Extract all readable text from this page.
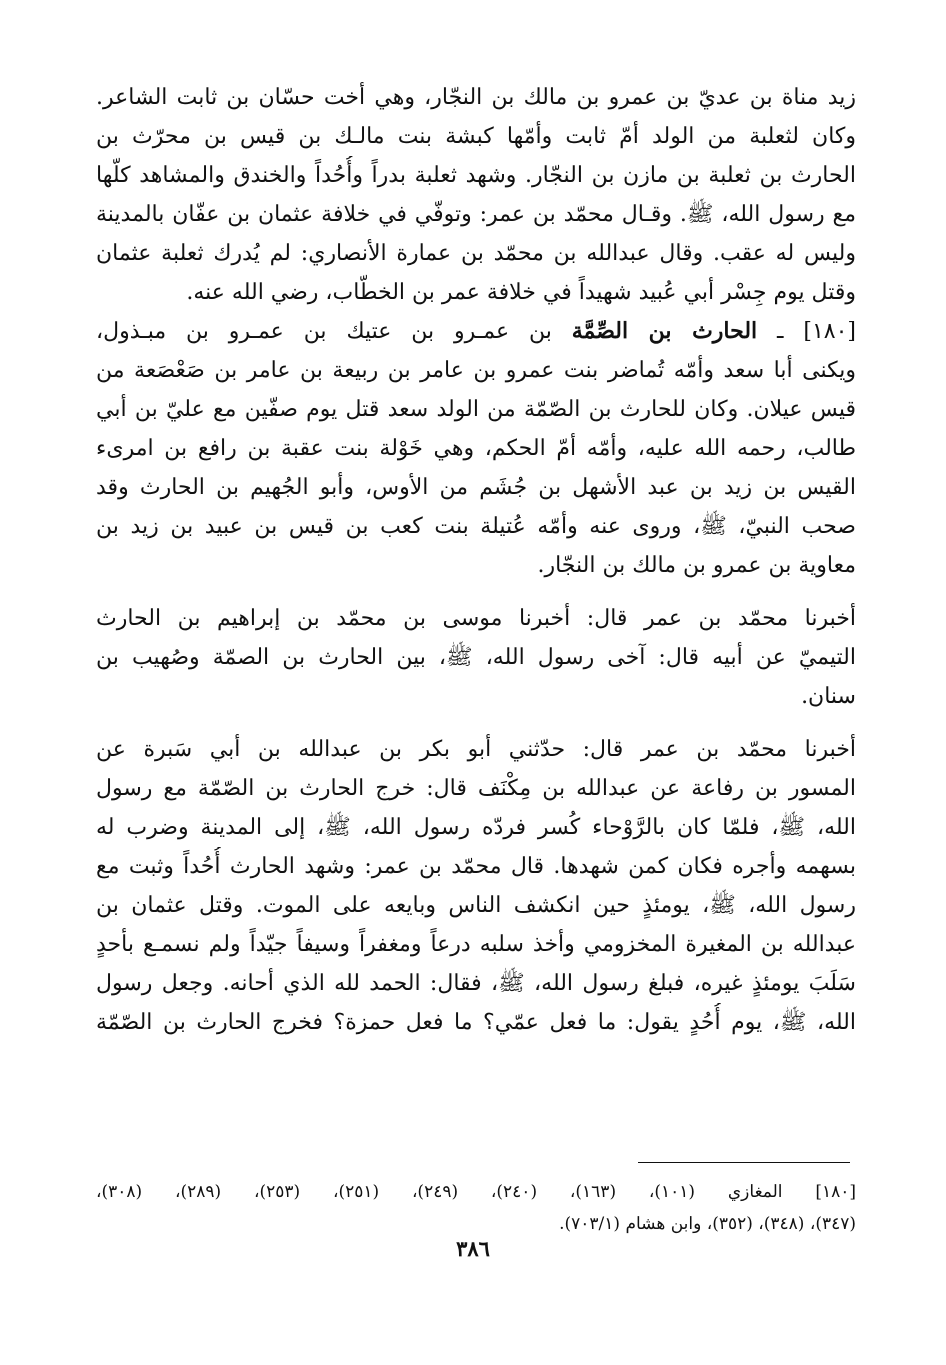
زيد مناة بن عديّ بن عمرو بن مالك بن النجّار، وهي أخت حسّان بن ثابت الشاعر.
وكان لثعلبة من الولد أمّ ثابت وأمّها كبشة بنت مالـك بن قيس بن محرّث بن
الحارث بن ثعلبة بن مازن بن النجّار. وشهد ثعلبة بدراً وأُحُداً والخندق والمشاهد كلّها
مع رسول الله، ﷺ. وقـال محمّد بن عمر: وتوفّي في خلافة عثمان بن عفّان بالمدينة
وليس له عقب. وقال عبدالله بن محمّد بن عمارة الأنصاري: لم يُدرك ثعلبة عثمان
وقتل يوم جِسْر أبي عُبيد شهيداً في خلافة عمر بن الخطّاب، رضي الله عنه.
[١٨٠] ـ الحارث بن الصِّمَّة بن عمـرو بن عتيك بن عمـرو بن مبـذول،
ويكنى أبا سعد وأمّه تُماضر بنت عمرو بن عامر بن ربيعة بن عامر بن صَعْصَعة من
قيس عيلان. وكان للحارث بن الصّمّة من الولد سعد قتل يوم صفّين مع عليّ بن أبي
طالب، رحمه الله عليه، وأمّه أمّ الحكم، وهي خَوْلة بنت عقبة بن رافع بن امرىء
القيس بن زيد بن عبد الأشهل بن جُشَم من الأوس، وأبو الجُهيم بن الحارث وقد
صحب النبيّ، ﷺ، وروى عنه وأمّه عُتيلة بنت كعب بن قيس بن عبيد بن زيد بن
معاوية بن عمرو بن مالك بن النجّار.
أخبرنا محمّد بن عمر قال: أخبرنا موسى بن محمّد بن إبراهيم بن الحارث
التيميّ عن أبيه قال: آخى رسول الله، ﷺ، بين الحارث بن الصمّة وصُهيب بن
سنان.
أخبرنا محمّد بن عمر قال: حدّثني أبو بكر بن عبدالله بن أبي سَبرة عن
المسور بن رفاعة عن عبدالله بن مِكْنَف قال: خرج الحارث بن الصّمّة مع رسول
الله، ﷺ، فلمّا كان بالرَّوْحاء كُسر فردّه رسول الله، ﷺ، إلى المدينة وضرب له
بسهمه وأجره فكان كمن شهدها. قال محمّد بن عمر: وشهد الحارث أُحُداً وثبت مع
رسول الله، ﷺ، يومئذٍ حين انكشف الناس وبايعه على الموت. وقتل عثمان بن
عبدالله بن المغيرة المخزومي وأخذ سلبه درعاً ومغفراً وسيفاً جيّداً ولم نسمـع بأحدٍ
سَلَبَ يومئذٍ غيره، فبلغ رسول الله، ﷺ، فقال: الحمد لله الذي أحانه. وجعل رسول
الله، ﷺ، يوم أُحُدٍ يقول: ما فعل عمّي؟ ما فعل حمزة؟ فخرج الحارث بن الصّمّة
[١٨٠] المغازي (١٠١)، (١٦٣)، (٢٤٠)، (٢٤٩)، (٢٥١)، (٢٥٣)، (٢٨٩)، (٣٠٨)،
(٣٤٧)، (٣٤٨)، (٣٥٢)، وابن هشام (٧٠٣/١).
٣٨٦
